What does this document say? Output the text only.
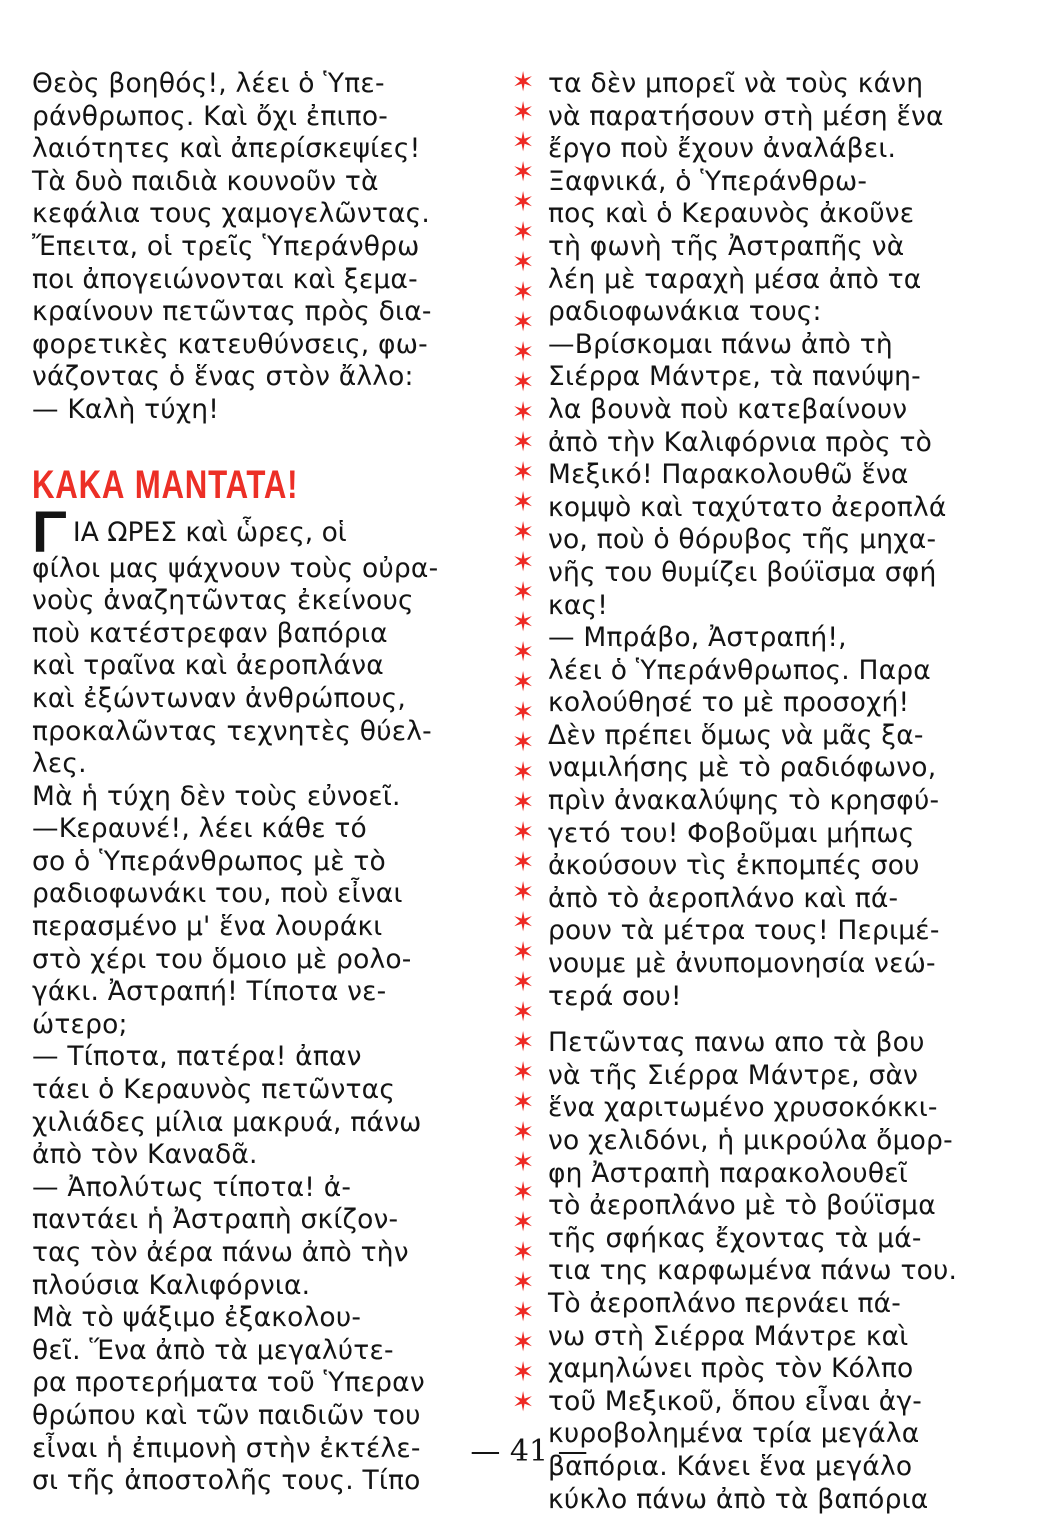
Θεὸς βοηθός!, λέει ὁ Ὑπε-
ράνθρωπος. Καὶ ὄχι ἐπιπο-
λαιότητες καὶ ἀπερίσκεψίες!
Τὰ δυὸ παιδιὰ κουνοῦν τὰ
κεφάλια τους χαμογελῶντας.
Ἔπειτα, οἱ τρεῖς Ὑπεράνθρω
ποι ἀπογειώνονται καὶ ξεμα-
κραίνουν πετῶντας πρὸς δια-
φορετικὲς κατευθύνσεις, φω-
νάζοντας ὁ ἕνας στὸν ἄλλο:
— Καλὴ τύχη!
ΚΑΚΑ ΜΑΝΤΑΤΑ!
ΓΙΑ ΩΡΕΣ καὶ ὧρες, οἱ
φίλοι μας ψάχνουν τοὺς οὐρα-
νοὺς ἀναζητῶντας ἐκείνους
ποὺ κατέστρεφαν βαπόρια
καὶ τραῖνα καὶ ἀεροπλάνα
καὶ ἐξώντωναν ἀνθρώπους,
προκαλῶντας τεχνητὲς θύελ-
λες.
Μὰ ἡ τύχη δὲν τοὺς εὐνοεῖ.
—Κεραυνέ!, λέει κάθε τό
σο ὁ Ὑπεράνθρωπος μὲ τὸ
ραδιοφωνάκι του, ποὺ εἶναι
περασμένο μ' ἕνα λουράκι
στὸ χέρι του ὅμοιο μὲ ρολο-
γάκι. Ἀστραπή! Τίποτα νε-
ώτερο;
— Τίποτα, πατέρα! ἀπαν
τάει ὁ Κεραυνὸς πετῶντας
χιλιάδες μίλια μακρυά, πάνω
ἀπὸ τὸν Καναδᾶ.
— Ἀπολύτως τίποτα! ἀ-
παντάει ἡ Ἀστραπὴ σκίζον-
τας τὸν ἀέρα πάνω ἀπὸ τὴν
πλούσια Καλιφόρνια.
Μὰ τὸ ψάξιμο ἐξακολου-
θεῖ. Ἕνα ἀπὸ τὰ μεγαλύτε-
ρα προτερήματα τοῦ Ὑπεραν
θρώπου καὶ τῶν παιδιῶν του
εἶναι ἡ ἐπιμονὴ στὴν ἐκτέλε-
σι τῆς ἀποστολῆς τους. Τίπο
✶
✶
✶
✶
✶
✶
✶
✶
✶
✶
✶
✶
✶
✶
✶
✶
✶
✶
✶
✶
✶
✶
✶
✶
✶
✶
✶
✶
✶
✶
✶
✶
✶
✶
✶
✶
✶
✶
✶
✶
✶
✶
✶
✶
✶
τα δὲν μπορεῖ νὰ τοὺς κάνη
νὰ παρατήσουν στὴ μέση ἕνα
ἔργο ποὺ ἔχουν ἀναλάβει.
Ξαφνικά, ὁ Ὑπεράνθρω-
πος καὶ ὁ Κεραυνὸς ἀκοῦνε
τὴ φωνὴ τῆς Ἀστραπῆς νὰ
λέη μὲ ταραχὴ μέσα ἀπὸ τα
ραδιοφωνάκια τους:
—Βρίσκομαι πάνω ἀπὸ τὴ
Σιέρρα Μάντρε, τὰ πανύψη-
λα βουνὰ ποὺ κατεβαίνουν
ἀπὸ τὴν Καλιφόρνια πρὸς τὸ
Μεξικό! Παρακολουθῶ ἕνα
κομψὸ καὶ ταχύτατο ἀεροπλά
νο, ποὺ ὁ θόρυβος τῆς μηχα-
νῆς του θυμίζει βούϊσμα σφή
κας!
— Μπράβο, Ἀστραπή!,
λέει ὁ Ὑπεράνθρωπος. Παρα
κολούθησέ το μὲ προσοχή!
Δὲν πρέπει ὅμως νὰ μᾶς ξα-
ναμιλήσης μὲ τὸ ραδιόφωνο,
πρὶν ἀνακαλύψης τὸ κρησφύ-
γετό του! Φοβοῦμαι μήπως
ἀκούσουν τὶς ἐκπομπές σου
ἀπὸ τὸ ἀεροπλάνο καὶ πά-
ρουν τὰ μέτρα τους! Περιμέ-
νουμε μὲ ἀνυπομονησία νεώ-
τερά σου!
Πετῶντας πανω απο τὰ βου
νὰ τῆς Σιέρρα Μάντρε, σὰν
ἕνα χαριτωμένο χρυσοκόκκι-
νο χελιδόνι, ἡ μικρούλα ὄμορ-
φη Ἀστραπὴ παρακολουθεῖ
τὸ ἀεροπλάνο μὲ τὸ βούϊσμα
τῆς σφήκας ἔχοντας τὰ μά-
τια της καρφωμένα πάνω του.
Τὸ ἀεροπλάνο περνάει πά-
νω στὴ Σιέρρα Μάντρε καὶ
χαμηλώνει πρὸς τὸν Κόλπο
τοῦ Μεξικοῦ, ὅπου εἶναι ἀγ-
κυροβολημένα τρία μεγάλα
βαπόρια. Κάνει ἕνα μεγάλο
κύκλο πάνω ἀπὸ τὰ βαπόρια
— 41 —
